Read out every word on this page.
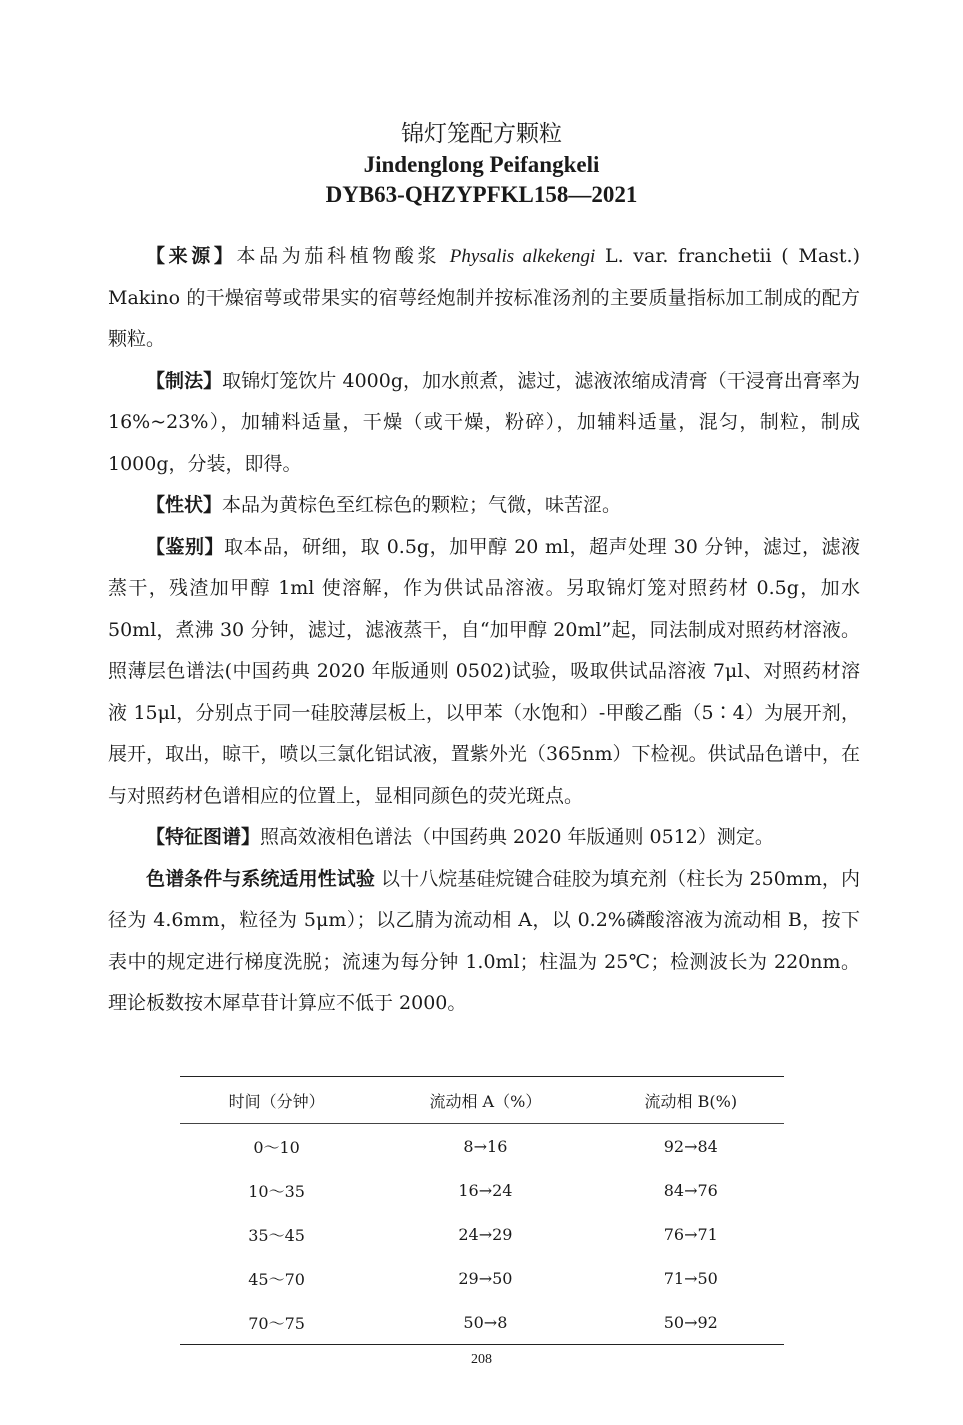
锦灯笼配方颗粒
Jindenglong Peifangkeli
DYB63-QHZYPFKL158—2021

【来源】本品为茄科植物酸浆 Physalis alkekengi L. var. franchetii ( Mast.) Makino 的干燥宿萼或带果实的宿萼经炮制并按标准汤剂的主要质量指标加工制成的配方颗粒。

【制法】取锦灯笼饮片 4000g，加水煎煮，滤过，滤液浓缩成清膏（干浸膏出膏率为 16%~23%），加辅料适量，干燥（或干燥，粉碎），加辅料适量，混匀，制粒，制成 1000g，分装，即得。

【性状】本品为黄棕色至红棕色的颗粒；气微，味苦涩。

【鉴别】取本品，研细，取 0.5g，加甲醇 20 ml，超声处理 30 分钟，滤过，滤液蒸干，残渣加甲醇 1ml 使溶解，作为供试品溶液。另取锦灯笼对照药材 0.5g，加水 50ml，煮沸 30 分钟，滤过，滤液蒸干，自“加甲醇 20ml”起，同法制成对照药材溶液。照薄层色谱法(中国药典 2020 年版通则 0502)试验，吸取供试品溶液 7μl、对照药材溶液 15μl，分别点于同一硅胶薄层板上，以甲苯（水饱和）-甲酸乙酯（5∶4）为展开剂，展开，取出，晾干，喷以三氯化铝试液，置紫外光（365nm）下检视。供试品色谱中，在与对照药材色谱相应的位置上，显相同颜色的荧光斑点。

【特征图谱】照高效液相色谱法（中国药典 2020 年版通则 0512）测定。

色谱条件与系统适用性试验 以十八烷基硅烷键合硅胶为填充剂（柱长为 250mm，内径为 4.6mm，粒径为 5μm）；以乙腈为流动相 A，以 0.2%磷酸溶液为流动相 B，按下表中的规定进行梯度洗脱；流速为每分钟 1.0ml；柱温为 25℃；检测波长为 220nm。理论板数按木犀草苷计算应不低于 2000。

时间（分钟）	流动相 A（%）	流动相 B(%)
0～10	8→16	92→84
10～35	16→24	84→76
35～45	24→29	76→71
45～70	29→50	71→50
70～75	50→8	50→92
208
